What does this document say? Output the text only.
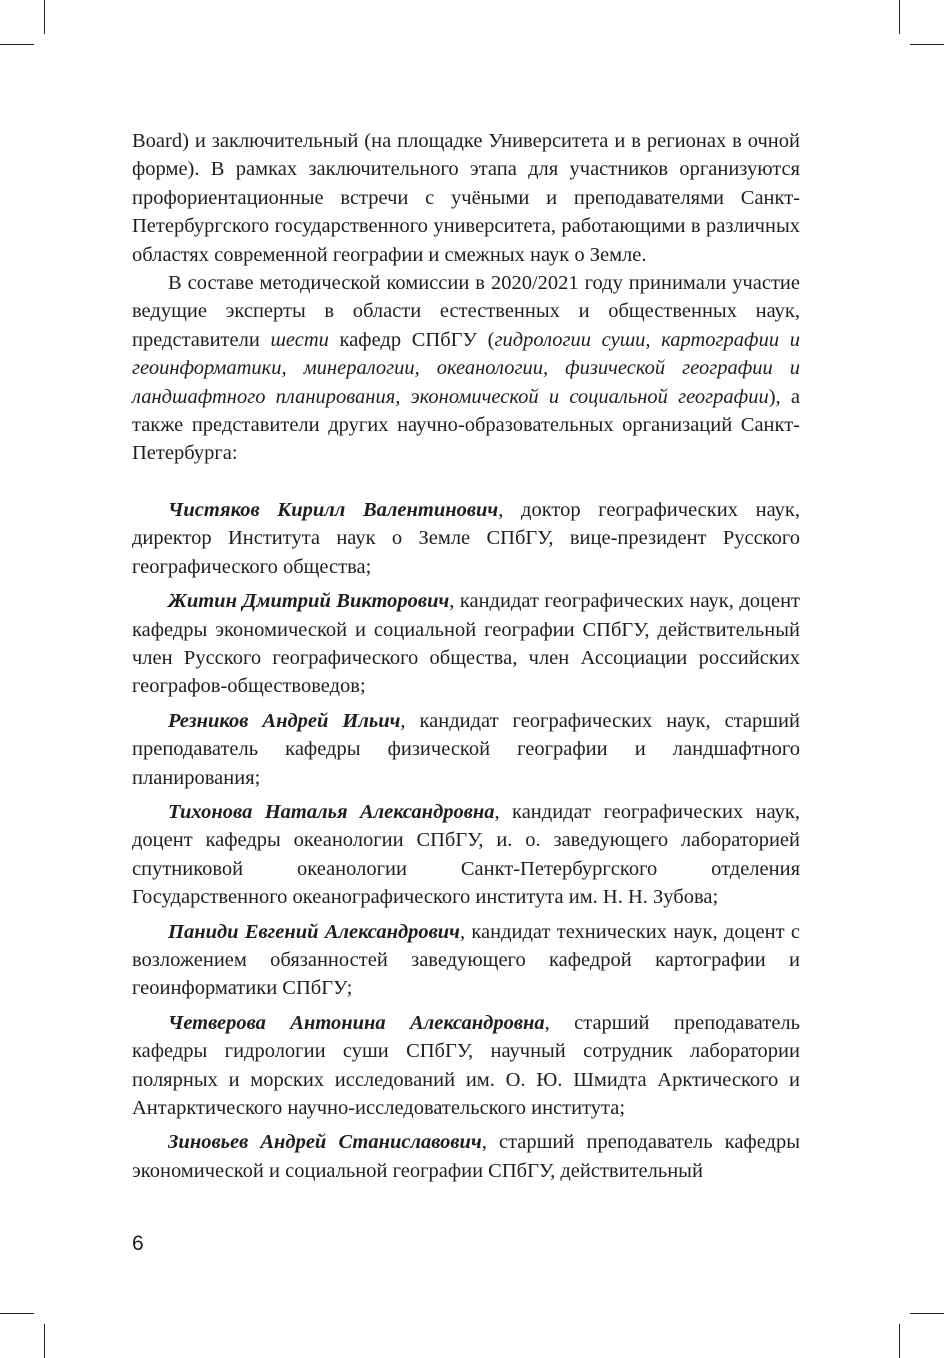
Board) и заключительный (на площадке Университета и в регионах в очной форме). В рамках заключительного этапа для участников организуются профориентационные встречи с учёными и преподавателями Санкт-Петербургского государственного университета, работающими в различных областях современной географии и смежных наук о Земле.

В составе методической комиссии в 2020/2021 году принимали участие ведущие эксперты в области естественных и общественных наук, представители шести кафедр СПбГУ (гидрологии суши, картографии и геоинформатики, минералогии, океанологии, физической географии и ландшафтного планирования, экономической и социальной географии), а также представители других научно-образовательных организаций Санкт-Петербурга:

Чистяков Кирилл Валентинович, доктор географических наук, директор Института наук о Земле СПбГУ, вице-президент Русского географического общества;

Житин Дмитрий Викторович, кандидат географических наук, доцент кафедры экономической и социальной географии СПбГУ, действительный член Русского географического общества, член Ассоциации российских географов-обществоведов;

Резников Андрей Ильич, кандидат географических наук, старший преподаватель кафедры физической географии и ландшафтного планирования;

Тихонова Наталья Александровна, кандидат географических наук, доцент кафедры океанологии СПбГУ, и. о. заведующего лабораторией спутниковой океанологии Санкт-Петербургского отделения Государственного океанографического института им. Н. Н. Зубова;

Паниди Евгений Александрович, кандидат технических наук, доцент с возложением обязанностей заведующего кафедрой картографии и геоинформатики СПбГУ;

Четверова Антонина Александровна, старший преподаватель кафедры гидрологии суши СПбГУ, научный сотрудник лаборатории полярных и морских исследований им. О. Ю. Шмидта Арктического и Антарктического научно-исследовательского института;

Зиновьев Андрей Станиславович, старший преподаватель кафедры экономической и социальной географии СПбГУ, действительный

6
